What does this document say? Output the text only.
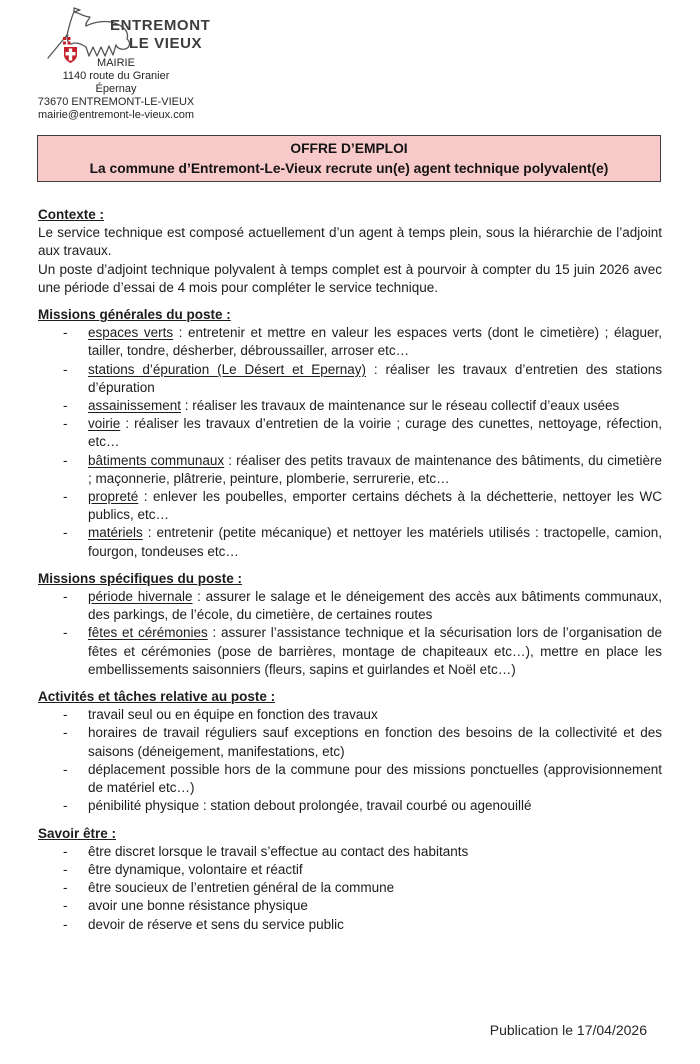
ENTREMONT
LE VIEUX
MAIRIE
1140 route du Granier
Épernay
73670 ENTREMONT-LE-VIEUX
mairie@entremont-le-vieux.com
OFFRE D’EMPLOI
La commune d’Entremont-Le-Vieux recrute un(e) agent technique polyvalent(e)
Contexte :

Le service technique est composé actuellement d’un agent à temps plein, sous la hiérarchie de l’adjoint aux travaux.

Un poste d’adjoint technique polyvalent à temps complet est à pourvoir à compter du 15 juin 2026 avec une période d’essai de 4 mois pour compléter le service technique.

Missions générales du poste :
- espaces verts : entretenir et mettre en valeur les espaces verts (dont le cimetière) ; élaguer, tailler, tondre, désherber, débroussailler, arroser etc…
- stations d’épuration (Le Désert et Epernay) : réaliser les travaux d’entretien des stations d’épuration
- assainissement : réaliser les travaux de maintenance sur le réseau collectif d’eaux usées
- voirie : réaliser les travaux d’entretien de la voirie ; curage des cunettes, nettoyage, réfection, etc…
- bâtiments communaux : réaliser des petits travaux de maintenance des bâtiments, du cimetière ; maçonnerie, plâtrerie, peinture, plomberie, serrurerie, etc…
- propreté : enlever les poubelles, emporter certains déchets à la déchetterie, nettoyer les WC publics, etc…
- matériels : entretenir (petite mécanique) et nettoyer les matériels utilisés : tractopelle, camion, fourgon, tondeuses etc…
Missions spécifiques du poste :
- période hivernale : assurer le salage et le déneigement des accès aux bâtiments communaux, des parkings, de l’école, du cimetière, de certaines routes
- fêtes et cérémonies : assurer l’assistance technique et la sécurisation lors de l’organisation de fêtes et cérémonies (pose de barrières, montage de chapiteaux etc…), mettre en place les embellissements saisonniers (fleurs, sapins et guirlandes et Noël etc…)
Activités et tâches relative au poste :
- travail seul ou en équipe en fonction des travaux
- horaires de travail réguliers sauf exceptions en fonction des besoins de la collectivité et des saisons (déneigement, manifestations, etc)
- déplacement possible hors de la commune pour des missions ponctuelles (approvisionnement de matériel etc…)
- pénibilité physique : station debout prolongée, travail courbé ou agenouillé
Savoir être :
- être discret lorsque le travail s’effectue au contact des habitants
- être dynamique, volontaire et réactif
- être soucieux de l’entretien général de la commune
- avoir une bonne résistance physique
- devoir de réserve et sens du service public
Publication le 17/04/2026
